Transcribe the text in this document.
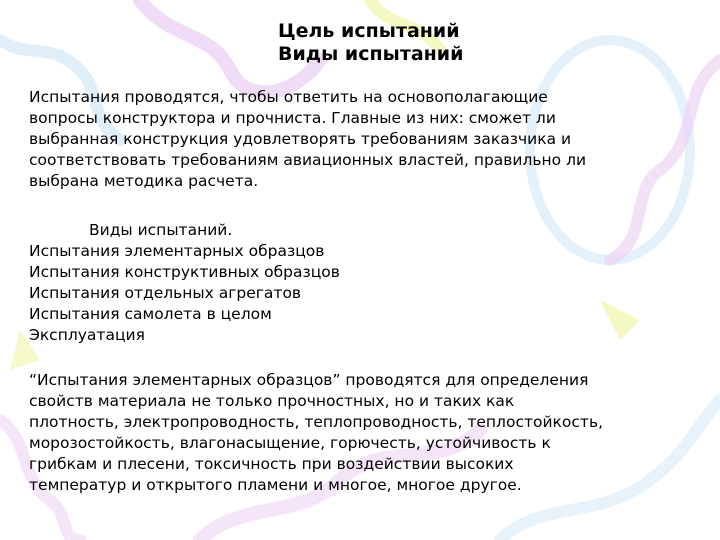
Цель испытаний
Виды испытаний
Испытания проводятся, чтобы ответить на основополагающие
вопросы конструктора и прочниста. Главные из них: сможет ли
выбранная конструкция удовлетворять требованиям заказчика и
соответствовать требованиям авиационных властей, правильно ли
выбрана методика расчета.
Виды испытаний.
Испытания элементарных образцов
Испытания конструктивных образцов
Испытания отдельных агрегатов
Испытания самолета в целом
Эксплуатация
“Испытания элементарных образцов” проводятся для определения
свойств материала не только прочностных, но и таких как
плотность, электропроводность, теплопроводность, теплостойкость,
морозостойкость, влагонасыщение, горючесть, устойчивость к
грибкам и плесени, токсичность при воздействии высоких
температур и открытого пламени и многое, многое другое.
